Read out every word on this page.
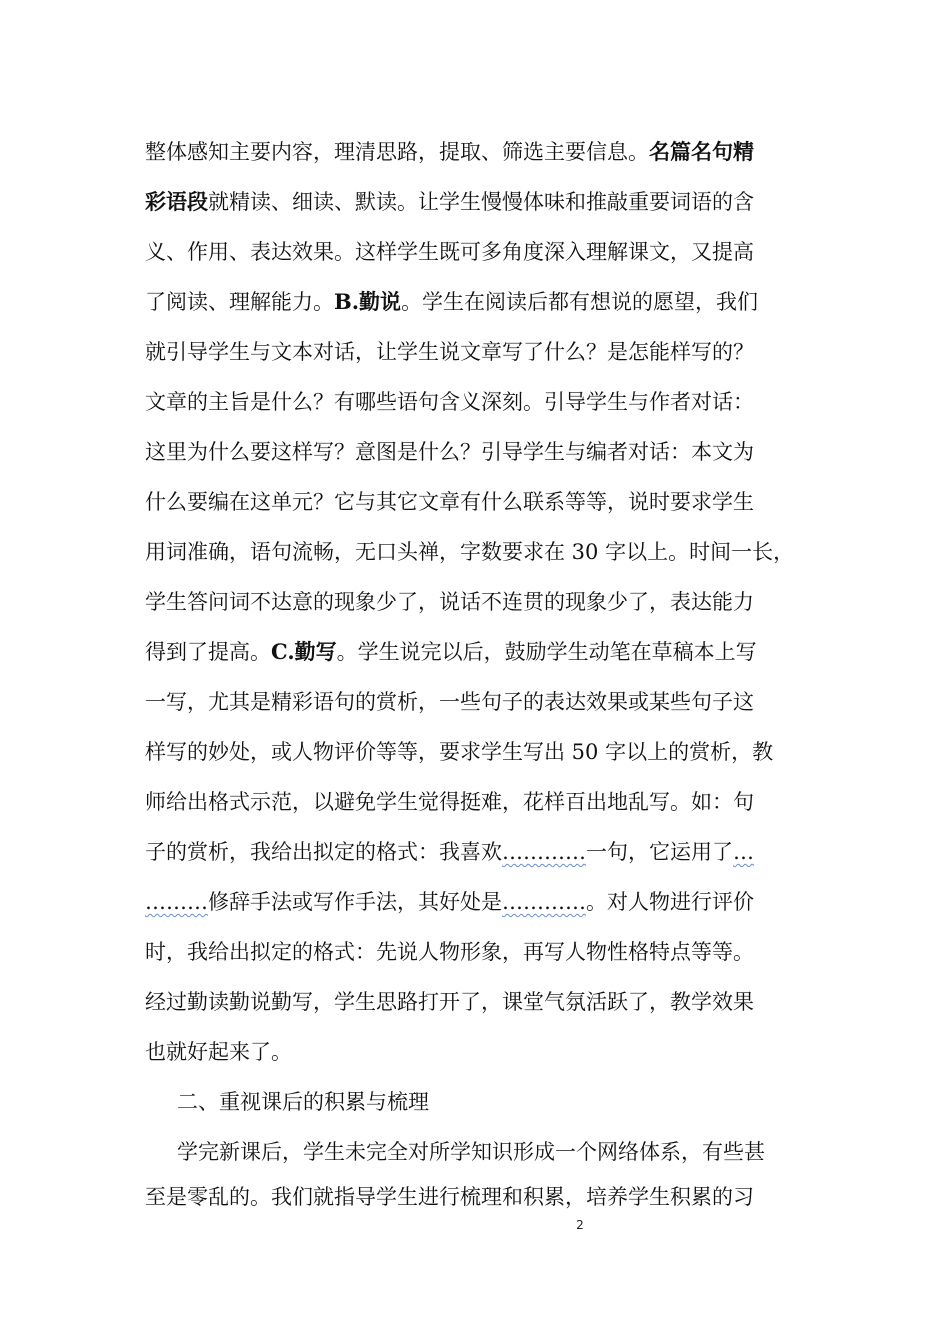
整体感知主要内容，理清思路，提取、筛选主要信息。名篇名句精
彩语段就精读、细读、默读。让学生慢慢体味和推敲重要词语的含
义、作用、表达效果。这样学生既可多角度深入理解课文，又提高
了阅读、理解能力。B.勤说。学生在阅读后都有想说的愿望，我们
就引导学生与文本对话，让学生说文章写了什么？是怎能样写的？
文章的主旨是什么？有哪些语句含义深刻。引导学生与作者对话：
这里为什么要这样写？意图是什么？引导学生与编者对话：本文为
什么要编在这单元？它与其它文章有什么联系等等，说时要求学生
用词准确，语句流畅，无口头禅，字数要求在 30 字以上。时间一长，
学生答问词不达意的现象少了，说话不连贯的现象少了，表达能力
得到了提高。C.勤写。学生说完以后，鼓励学生动笔在草稿本上写
一写，尤其是精彩语句的赏析，一些句子的表达效果或某些句子这
样写的妙处，或人物评价等等，要求学生写出 50 字以上的赏析，教
师给出格式示范，以避免学生觉得挺难，花样百出地乱写。如：句
子的赏析，我给出拟定的格式：我喜欢…………一句，它运用了…
………修辞手法或写作手法，其好处是…………。对人物进行评价
时，我给出拟定的格式：先说人物形象，再写人物性格特点等等。
经过勤读勤说勤写，学生思路打开了，课堂气氛活跃了，教学效果
也就好起来了。
二、重视课后的积累与梳理
学完新课后，学生未完全对所学知识形成一个网络体系，有些甚
至是零乱的。我们就指导学生进行梳理和积累，培养学生积累的习
2
